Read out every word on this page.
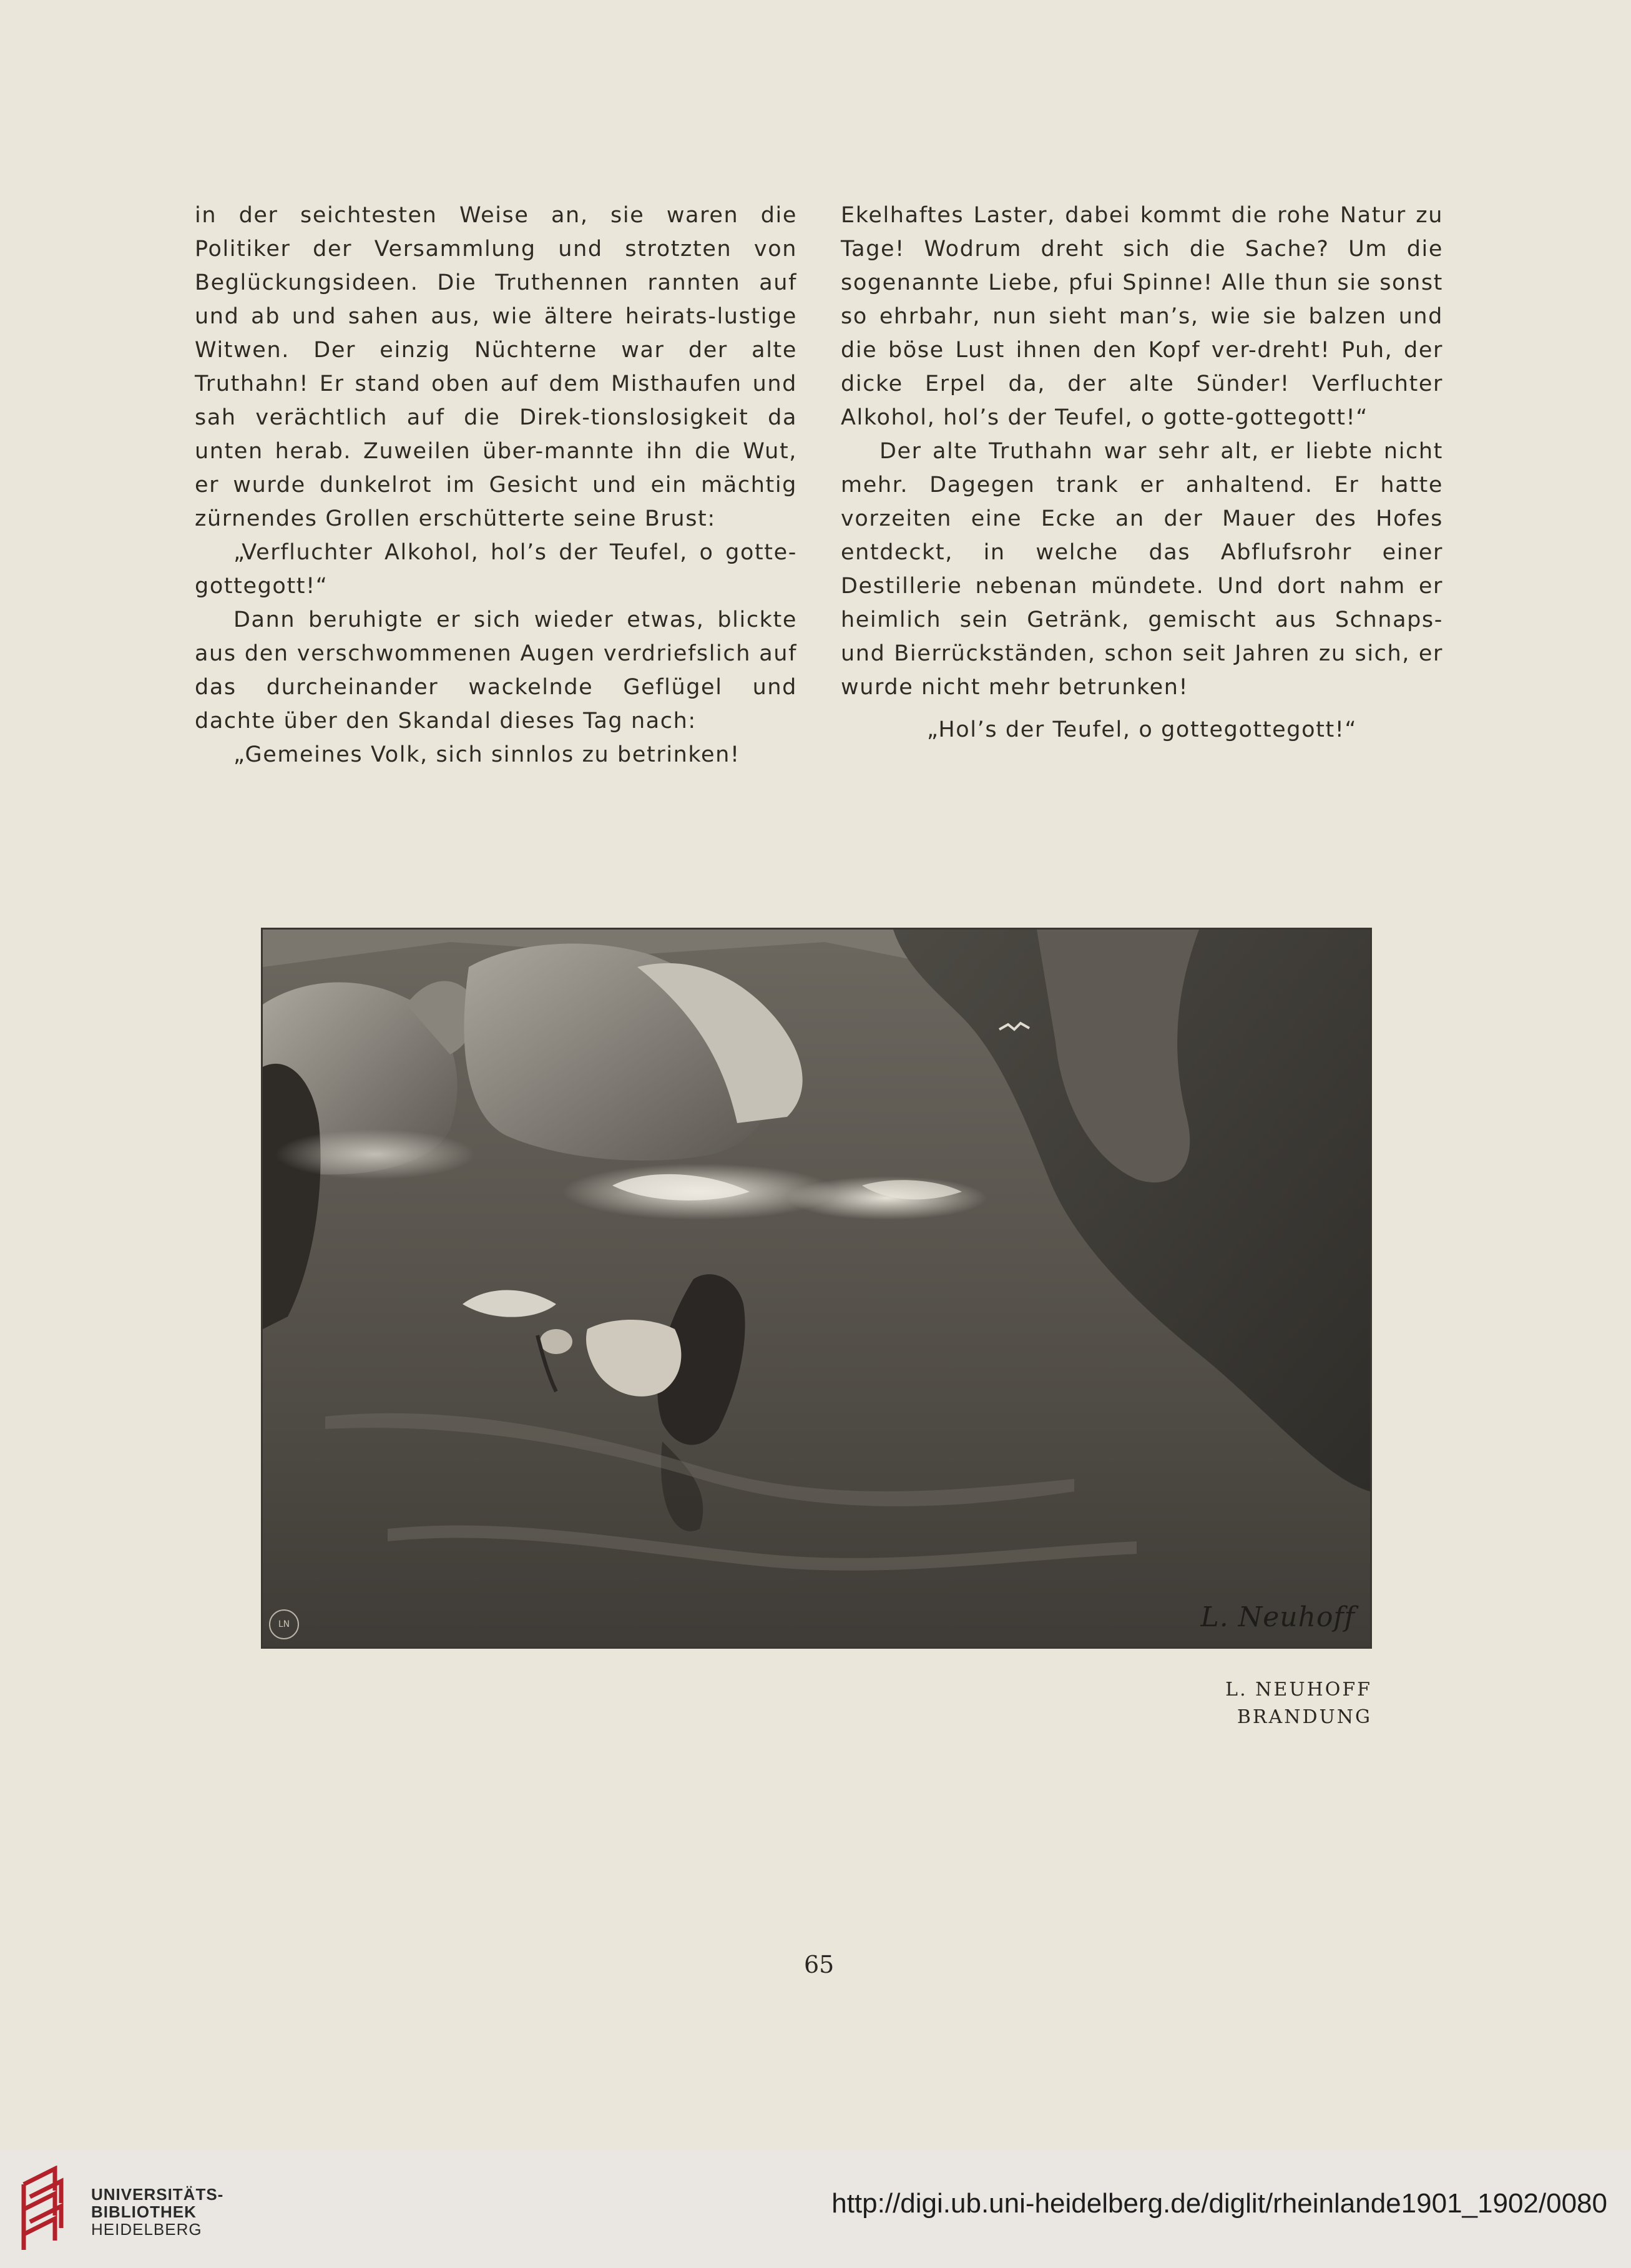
in der seichtesten Weise an, sie waren die Politiker der Versammlung und strotzten von Beglückungsideen. Die Truthennen rannten auf und ab und sahen aus, wie ältere heirats-lustige Witwen. Der einzig Nüchterne war der alte Truthahn! Er stand oben auf dem Misthaufen und sah verächtlich auf die Direk-tionslosigkeit da unten herab. Zuweilen über-mannte ihn die Wut, er wurde dunkelrot im Gesicht und ein mächtig zürnendes Grollen erschütterte seine Brust:

„Verfluchter Alkohol, hol’s der Teufel, o gotte-gottegott!“

Dann beruhigte er sich wieder etwas, blickte aus den verschwommenen Augen verdriefslich auf das durcheinander wackelnde Geflügel und dachte über den Skandal dieses Tag nach:

„Gemeines Volk, sich sinnlos zu betrinken!

Ekelhaftes Laster, dabei kommt die rohe Natur zu Tage! Wodrum dreht sich die Sache? Um die sogenannte Liebe, pfui Spinne! Alle thun sie sonst so ehrbahr, nun sieht man’s, wie sie balzen und die böse Lust ihnen den Kopf ver-dreht! Puh, der dicke Erpel da, der alte Sünder! Verfluchter Alkohol, hol’s der Teufel, o gotte-gottegott!“

Der alte Truthahn war sehr alt, er liebte nicht mehr. Dagegen trank er anhaltend. Er hatte vorzeiten eine Ecke an der Mauer des Hofes entdeckt, in welche das Abflufsrohr einer Destillerie nebenan mündete. Und dort nahm er heimlich sein Getränk, gemischt aus Schnaps- und Bierrückständen, schon seit Jahren zu sich, er wurde nicht mehr betrunken!

„Hol’s der Teufel, o gottegottegott!“

LN	L. Neuhoff
L. NEUHOFF
BRANDUNG
65
UNIVERSITÄTS-
BIBLIOTHEK
HEIDELBERG
http://digi.ub.uni-heidelberg.de/diglit/rheinlande1901_1902/0080
